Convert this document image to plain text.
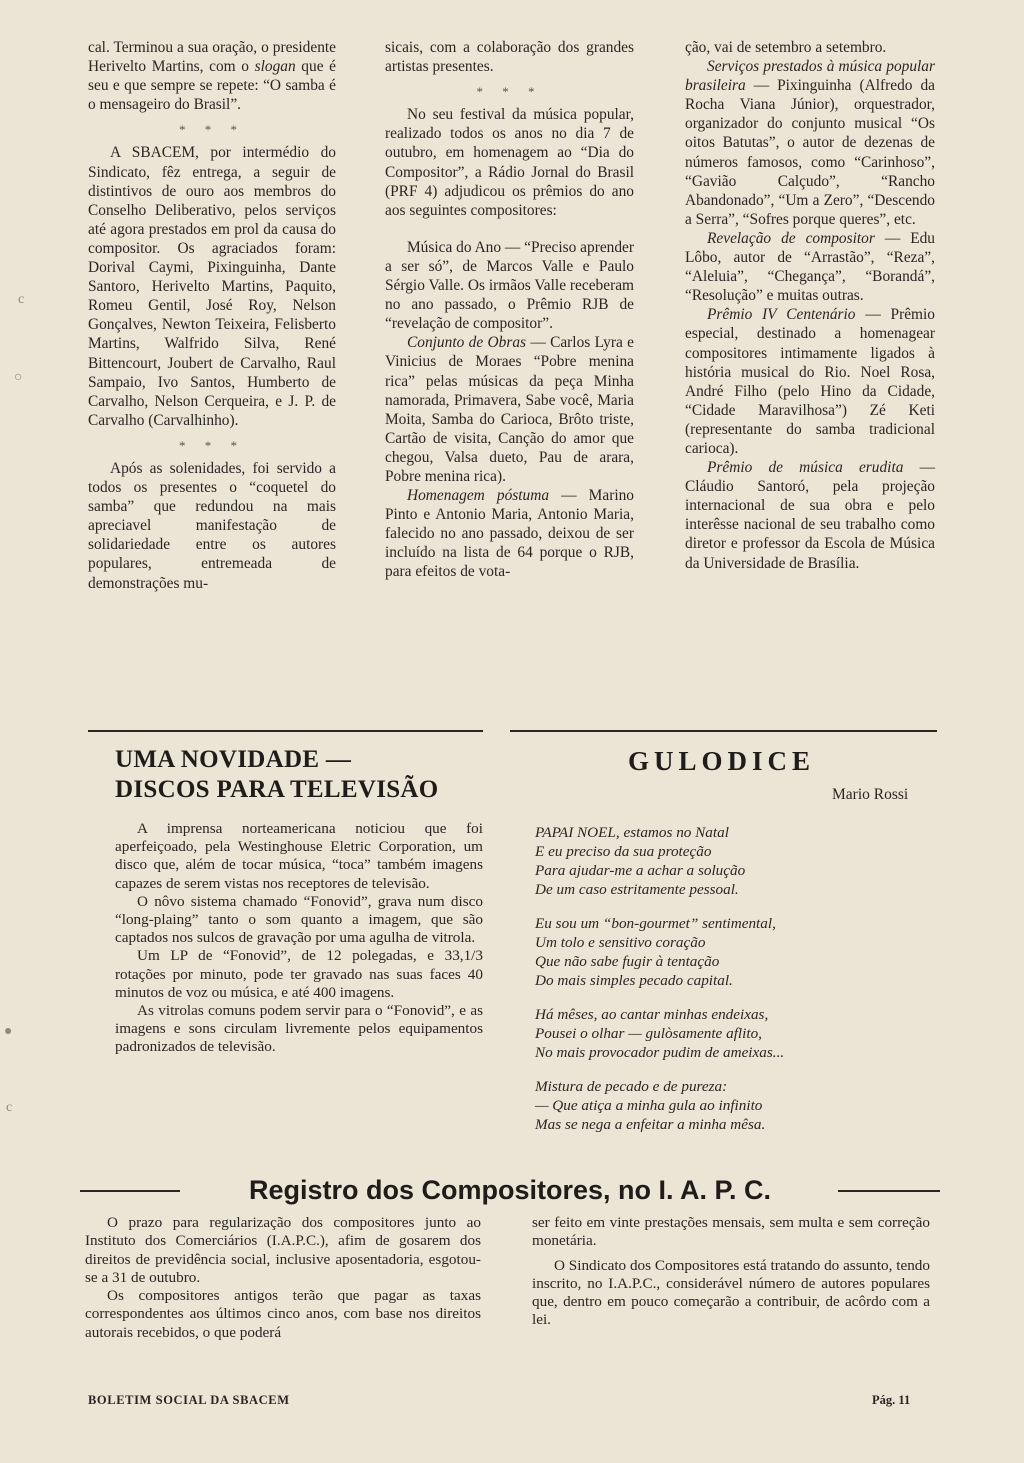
cal. Terminou a sua oração, o presidente Herivelto Martins, com o slogan que é seu e que sempre se repete: “O samba é o mensageiro do Brasil”.

* * *

A SBACEM, por intermédio do Sindicato, fêz entrega, a seguir de distintivos de ouro aos membros do Conselho Deliberativo, pelos serviços até agora prestados em prol da causa do compositor. Os agraciados foram: Dorival Caymi, Pixinguinha, Dante Santoro, Herivelto Martins, Paquito, Romeu Gentil, José Roy, Nelson Gonçalves, Newton Teixeira, Felisberto Martins, Walfrido Silva, René Bittencourt, Joubert de Carvalho, Raul Sampaio, Ivo Santos, Humberto de Carvalho, Nelson Cerqueira, e J. P. de Carvalho (Carvalhinho).

* * *

Após as solenidades, foi servido a todos os presentes o “coquetel do samba” que redundou na mais apreciavel manifestação de solidariedade entre os autores populares, entremeada de demonstrações mu-

sicais, com a colaboração dos grandes artistas presentes.

* * *

No seu festival da música popular, realizado todos os anos no dia 7 de outubro, em homenagem ao “Dia do Compositor”, a Rádio Jornal do Brasil (PRF 4) adjudicou os prêmios do ano aos seguintes compositores:

Música do Ano — “Preciso aprender a ser só”, de Marcos Valle e Paulo Sérgio Valle. Os irmãos Valle receberam no ano passado, o Prêmio RJB de “revelação de compositor”.

Conjunto de Obras — Carlos Lyra e Vinicius de Moraes “Pobre menina rica” pelas músicas da peça Minha namorada, Primavera, Sabe você, Maria Moita, Samba do Carioca, Brôto triste, Cartão de visita, Canção do amor que chegou, Valsa dueto, Pau de arara, Pobre menina rica).

Homenagem póstuma — Marino Pinto e Antonio Maria, Antonio Maria, falecido no ano passado, deixou de ser incluído na lista de 64 porque o RJB, para efeitos de vota-

ção, vai de setembro a setembro.

Serviços prestados à música popular brasileira — Pixinguinha (Alfredo da Rocha Viana Júnior), orquestrador, organizador do conjunto musical “Os oitos Batutas”, o autor de dezenas de números famosos, como “Carinhoso”, “Gavião Calçudo”, “Rancho Abandonado”, “Um a Zero”, “Descendo a Serra”, “Sofres porque queres”, etc.

Revelação de compositor — Edu Lôbo, autor de “Arrastão”, “Reza”, “Aleluia”, “Chegança”, “Borandá”, “Resolução” e muitas outras.

Prêmio IV Centenário — Prêmio especial, destinado a homenagear compositores intimamente ligados à história musical do Rio. Noel Rosa, André Filho (pelo Hino da Cidade, “Cidade Maravilhosa”) Zé Keti (representante do samba tradicional carioca).

Prêmio de música erudita — Cláudio Santoró, pela projeção internacional de sua obra e pelo interêsse nacional de seu trabalho como diretor e professor da Escola de Música da Universidade de Brasília.

UMA NOVIDADE —
DISCOS PARA TELEVISÃO

A imprensa norteamericana noticiou que foi aperfeiçoado, pela Westinghouse Eletric Corporation, um disco que, além de tocar música, “toca” também imagens capazes de serem vistas nos receptores de televisão.

O nôvo sistema chamado “Fonovid”, grava num disco “long-plaing” tanto o som quanto a imagem, que são captados nos sulcos de gravação por uma agulha de vitrola.

Um LP de “Fonovid”, de 12 polegadas, e 33,1/3 rotações por minuto, pode ter gravado nas suas faces 40 minutos de voz ou música, e até 400 imagens.

As vitrolas comuns podem servir para o “Fonovid”, e as imagens e sons circulam livremente pelos equipamentos padronizados de televisão.

GULODICE
Mario Rossi
PAPAI NOEL, estamos no Natal
E eu preciso da sua proteção
Para ajudar-me a achar a solução
De um caso estritamente pessoal.
Eu sou um “bon-gourmet” sentimental,
Um tolo e sensitivo coração
Que não sabe fugir à tentação
Do mais simples pecado capital.
Há mêses, ao cantar minhas endeixas,
Pousei o olhar — gulòsamente aflito,
No mais provocador pudim de ameixas...
Mistura de pecado e de pureza:
— Que atiça a minha gula ao infinito
Mas se nega a enfeitar a minha mêsa.
Registro dos Compositores, no I. A. P. C.

O prazo para regularização dos compositores junto ao Instituto dos Comerciários (I.A.P.C.), afim de gosarem dos direitos de previdência social, inclusive aposentadoria, esgotou-se a 31 de outubro.

Os compositores antigos terão que pagar as taxas correspondentes aos últimos cinco anos, com base nos direitos autorais recebidos, o que poderá

ser feito em vinte prestações mensais, sem multa e sem correção monetária.

O Sindicato dos Compositores está tratando do assunto, tendo inscrito, no I.A.P.C., considerável número de autores populares que, dentro em pouco começarão a contribuir, de acôrdo com a lei.

BOLETIM SOCIAL DA SBACEM	Pág. 11
c
○
●
c
